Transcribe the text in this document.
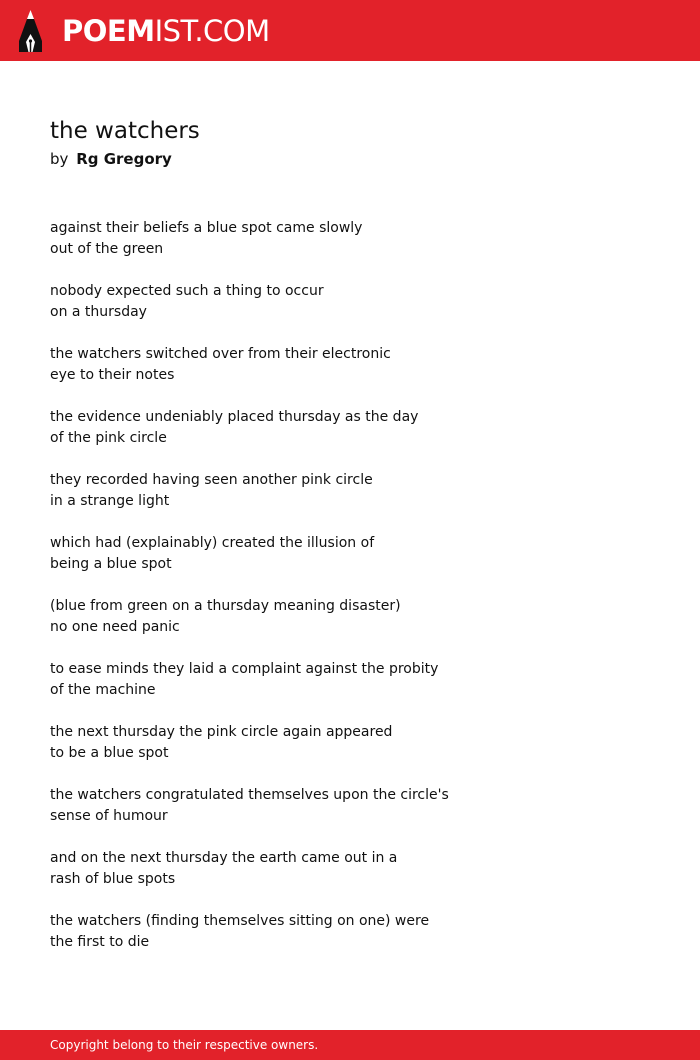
POEMIST.COM
the watchers
by Rg Gregory
against their beliefs a blue spot came slowly
out of the green
nobody expected such a thing to occur
on a thursday
the watchers switched over from their electronic
eye to their notes
the evidence undeniably placed thursday as the day
of the pink circle
they recorded having seen another pink circle
in a strange light
which had (explainably) created the illusion of
being a blue spot
(blue from green on a thursday meaning disaster)
no one need panic
to ease minds they laid a complaint against the probity
of the machine
the next thursday the pink circle again appeared
to be a blue spot
the watchers congratulated themselves upon the circle's
sense of humour
and on the next thursday the earth came out in a
rash of blue spots
the watchers (finding themselves sitting on one) were
the first to die
Copyright belong to their respective owners.
